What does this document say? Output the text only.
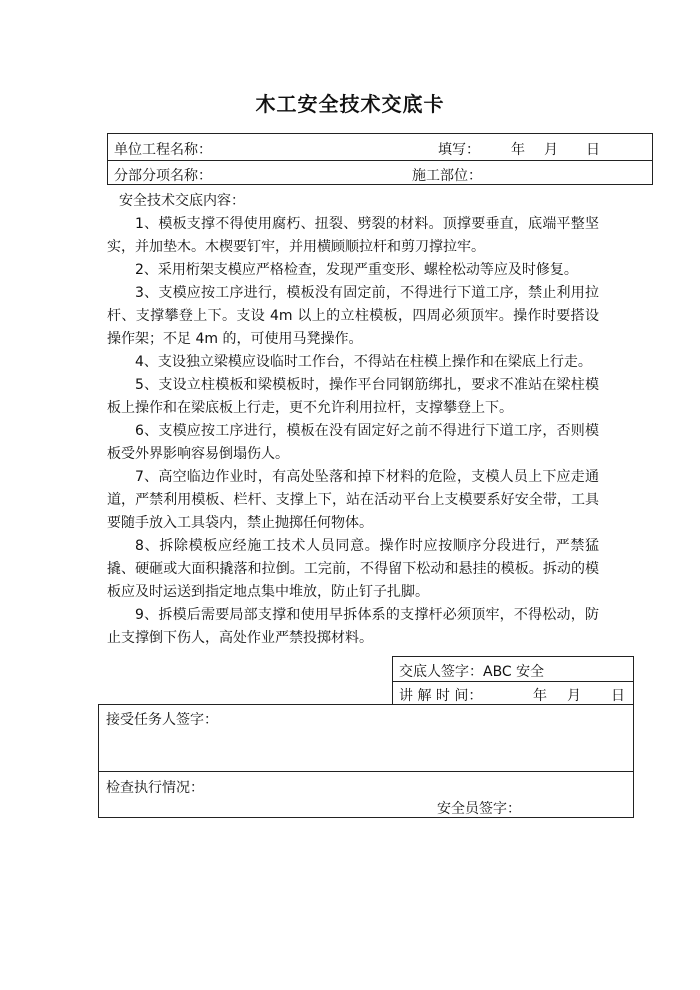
木工安全技术交底卡
单位工程名称：	填写： 年 月 日
分部分项名称：	施工部位：

安全技术交底内容：

1、模板支撑不得使用腐朽、扭裂、劈裂的材料。顶撑要垂直，底端平整坚实，并加垫木。木楔要钉牢，并用横顾顺拉杆和剪刀撑拉牢。

2、采用桁架支模应严格检查，发现严重变形、螺栓松动等应及时修复。

3、支模应按工序进行，模板没有固定前，不得进行下道工序，禁止利用拉杆、支撑攀登上下。支设 4m 以上的立柱模板，四周必须顶牢。操作时要搭设操作架；不足 4m 的，可使用马凳操作。

4、支设独立梁模应设临时工作台，不得站在柱模上操作和在梁底上行走。

5、支设立柱模板和梁模板时，操作平台同钢筋绑扎，要求不准站在梁柱模板上操作和在梁底板上行走，更不允许利用拉杆，支撑攀登上下。

6、支模应按工序进行，模板在没有固定好之前不得进行下道工序，否则模板受外界影响容易倒塌伤人。

7、高空临边作业时，有高处坠落和掉下材料的危险，支模人员上下应走通道，严禁利用模板、栏杆、支撑上下，站在活动平台上支模要系好安全带，工具要随手放入工具袋内，禁止抛掷任何物体。

8、拆除模板应经施工技术人员同意。操作时应按顺序分段进行，严禁猛撬、硬砸或大面积撬落和拉倒。工完前，不得留下松动和悬挂的模板。拆动的模板应及时运送到指定地点集中堆放，防止钉子扎脚。

9、拆模后需要局部支撑和使用早拆体系的支撑杆必须顶牢，不得松动，防止支撑倒下伤人，高处作业严禁投掷材料。

交底人签字：ABC 安全
讲 解 时 间：	年 月 日
接受任务人签字：
检查执行情况：
安全员签字：
